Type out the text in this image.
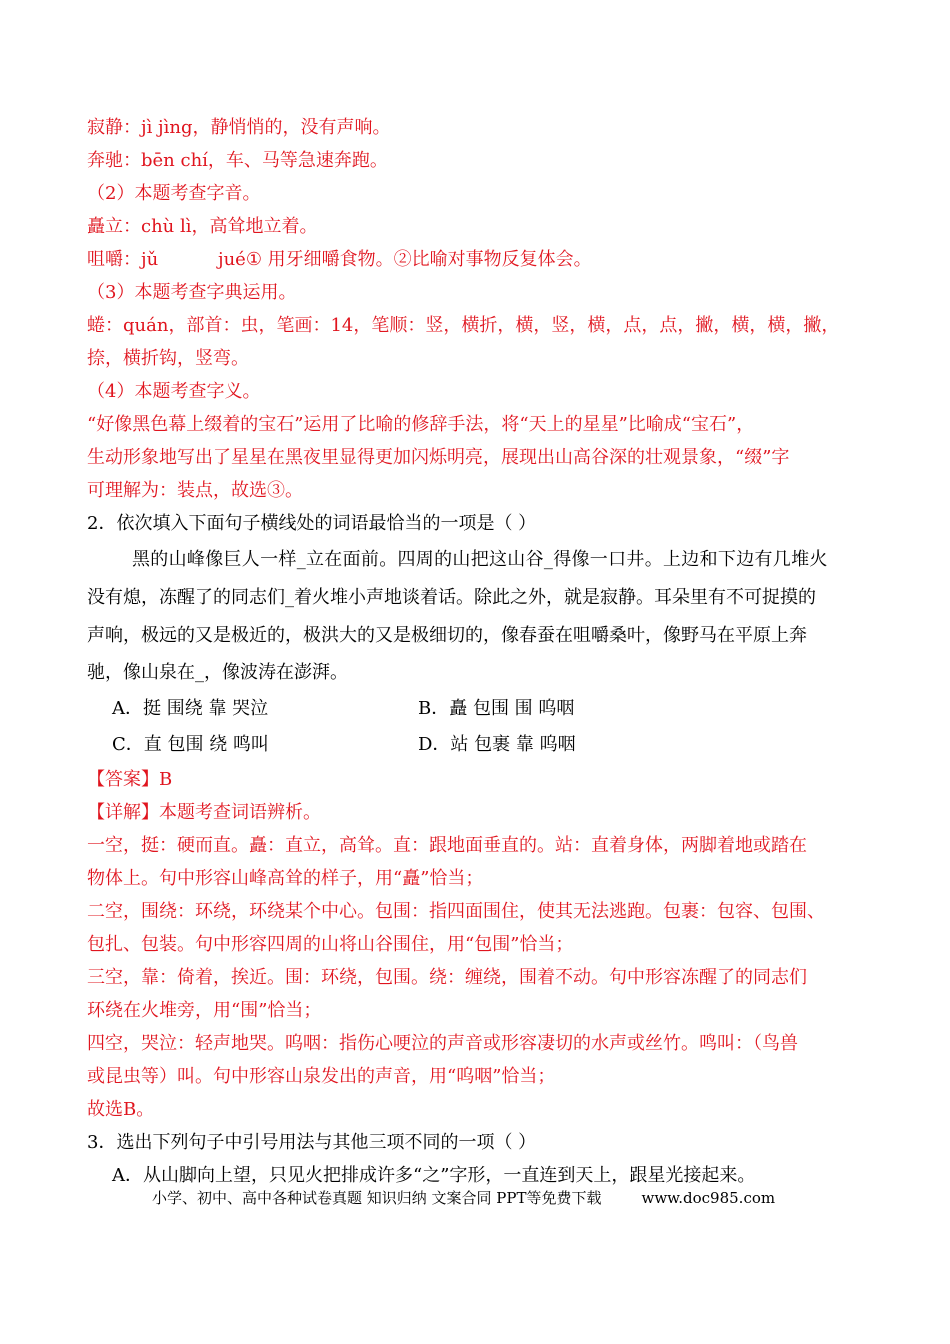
寂静：jì jìng，静悄悄的，没有声响。
奔驰：bēn chí，车、马等急速奔跑。
（2）本题考查字音。
矗立：chù lì，高耸地立着。
咀嚼：jǔ	jué① 用牙细嚼食物。②比喻对事物反复体会。
（3）本题考查字典运用。
蜷：quán，部首：虫，笔画：14，笔顺：竖，横折，横，竖，横，点，点，撇，横，横，撇，
捺，横折钩，竖弯。
（4）本题考查字义。
“好像黑色幕上缀着的宝石”运用了比喻的修辞手法，将“天上的星星”比喻成“宝石”，
生动形象地写出了星星在黑夜里显得更加闪烁明亮，展现出山高谷深的壮观景象，“缀”字
可理解为：装点，故选③。
2．依次填入下面句子横线处的词语最恰当的一项是（ ）
黑的山峰像巨人一样_立在面前。四周的山把这山谷_得像一口井。上边和下边有几堆火
没有熄，冻醒了的同志们_着火堆小声地谈着话。除此之外，就是寂静。耳朵里有不可捉摸的
声响，极远的又是极近的，极洪大的又是极细切的，像春蚕在咀嚼桑叶，像野马在平原上奔
驰，像山泉在_，像波涛在澎湃。
A．挺 围绕 靠 哭泣	B．矗 包围 围 呜咽
C．直 包围 绕 鸣叫	D．站 包裹 靠 呜咽
【答案】B
【详解】本题考查词语辨析。
一空，挺：硬而直。矗：直立，高耸。直：跟地面垂直的。站：直着身体，两脚着地或踏在
物体上。句中形容山峰高耸的样子，用“矗”恰当；
二空，围绕：环绕，环绕某个中心。包围：指四面围住，使其无法逃跑。包裹：包容、包围、
包扎、包装。句中形容四周的山将山谷围住，用“包围”恰当；
三空，靠：倚着，挨近。围：环绕，包围。绕：缠绕，围着不动。句中形容冻醒了的同志们
环绕在火堆旁，用“围”恰当；
四空，哭泣：轻声地哭。呜咽：指伤心哽泣的声音或形容凄切的水声或丝竹。鸣叫：（鸟兽
或昆虫等）叫。句中形容山泉发出的声音，用“呜咽”恰当；
故选B。
3．选出下列句子中引号用法与其他三项不同的一项（ ）
A．从山脚向上望，只见火把排成许多“之”字形，一直连到天上，跟星光接起来。
小学、初中、高中各种试卷真题 知识归纳 文案合同 PPT等免费下载	www.doc985.com
